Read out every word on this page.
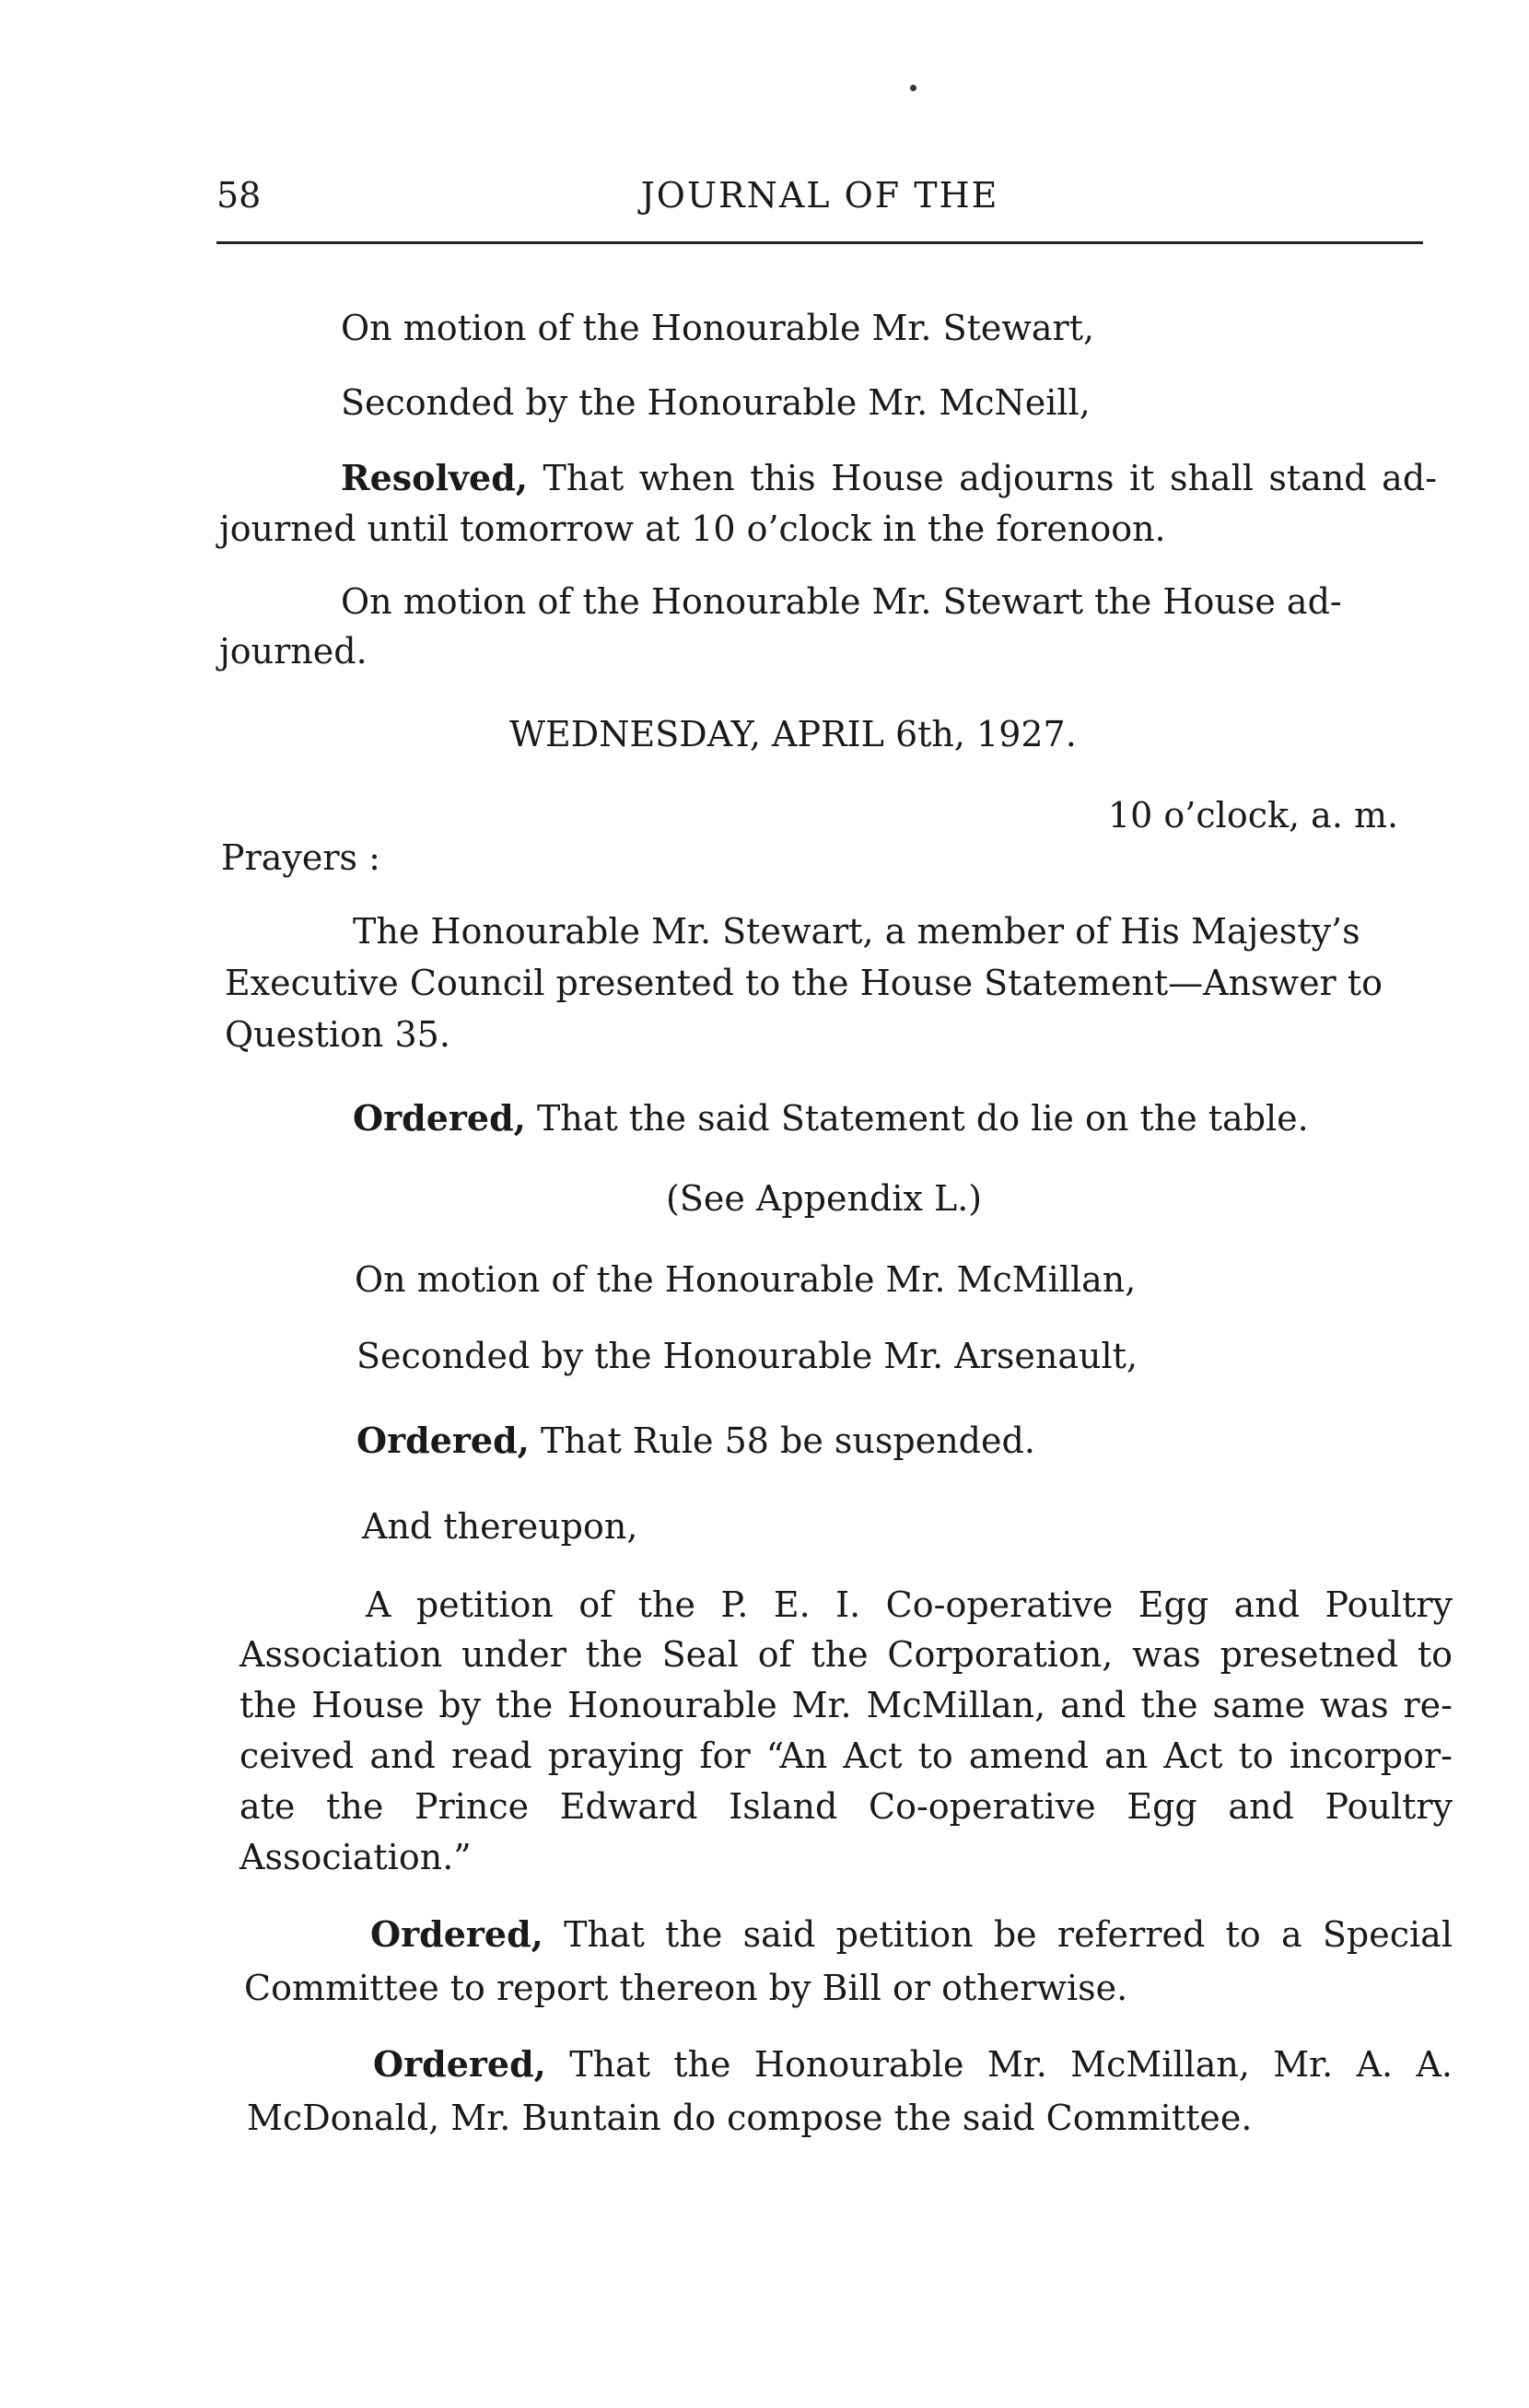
58	JOURNAL OF THE
On motion of the Honourable Mr. Stewart,
Seconded by the Honourable Mr. McNeill,
Resolved, That when this House adjourns it shall stand ad-
journed until tomorrow at 10 o’clock in the forenoon.
On motion of the Honourable Mr. Stewart the House ad-
journed.
WEDNESDAY, APRIL 6th, 1927.
10 o’clock, a. m.
Prayers :
The Honourable Mr. Stewart, a member of His Majesty’s
Executive Council presented to the House Statement—Answer to
Question 35.
Ordered, That the said Statement do lie on the table.
(See Appendix L.)
On motion of the Honourable Mr. McMillan,
Seconded by the Honourable Mr. Arsenault,
Ordered, That Rule 58 be suspended.
And thereupon,
A petition of the P. E. I. Co-operative Egg and Poultry
Association under the Seal of the Corporation, was presetned to
the House by the Honourable Mr. McMillan, and the same was re-
ceived and read praying for “An Act to amend an Act to incorpor-
ate the Prince Edward Island Co-operative Egg and Poultry
Association.”
Ordered, That the said petition be referred to a Special
Committee to report thereon by Bill or otherwise.
Ordered, That the Honourable Mr. McMillan, Mr. A. A.
McDonald, Mr. Buntain do compose the said Committee.
